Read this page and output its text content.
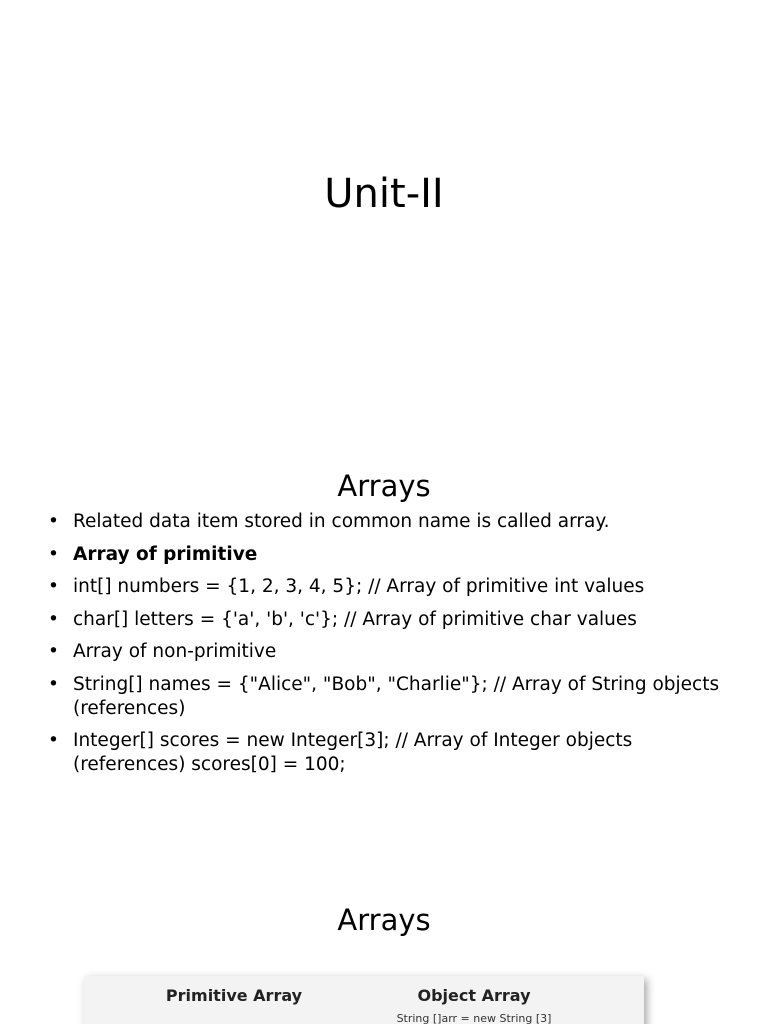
Unit-II
Arrays
• Related data item stored in common name is called array.
• Array of primitive
• int[] numbers = {1, 2, 3, 4, 5}; // Array of primitive int values
• char[] letters = {'a', 'b', 'c'}; // Array of primitive char values
• Array of non-primitive
• String[] names = {"Alice", "Bob", "Charlie"}; // Array of String objects (references)
• Integer[] scores = new Integer[3]; // Array of Integer objects (references) scores[0] = 100;
Arrays
Primitive Array	Object Array
String []arr = new String [3]
